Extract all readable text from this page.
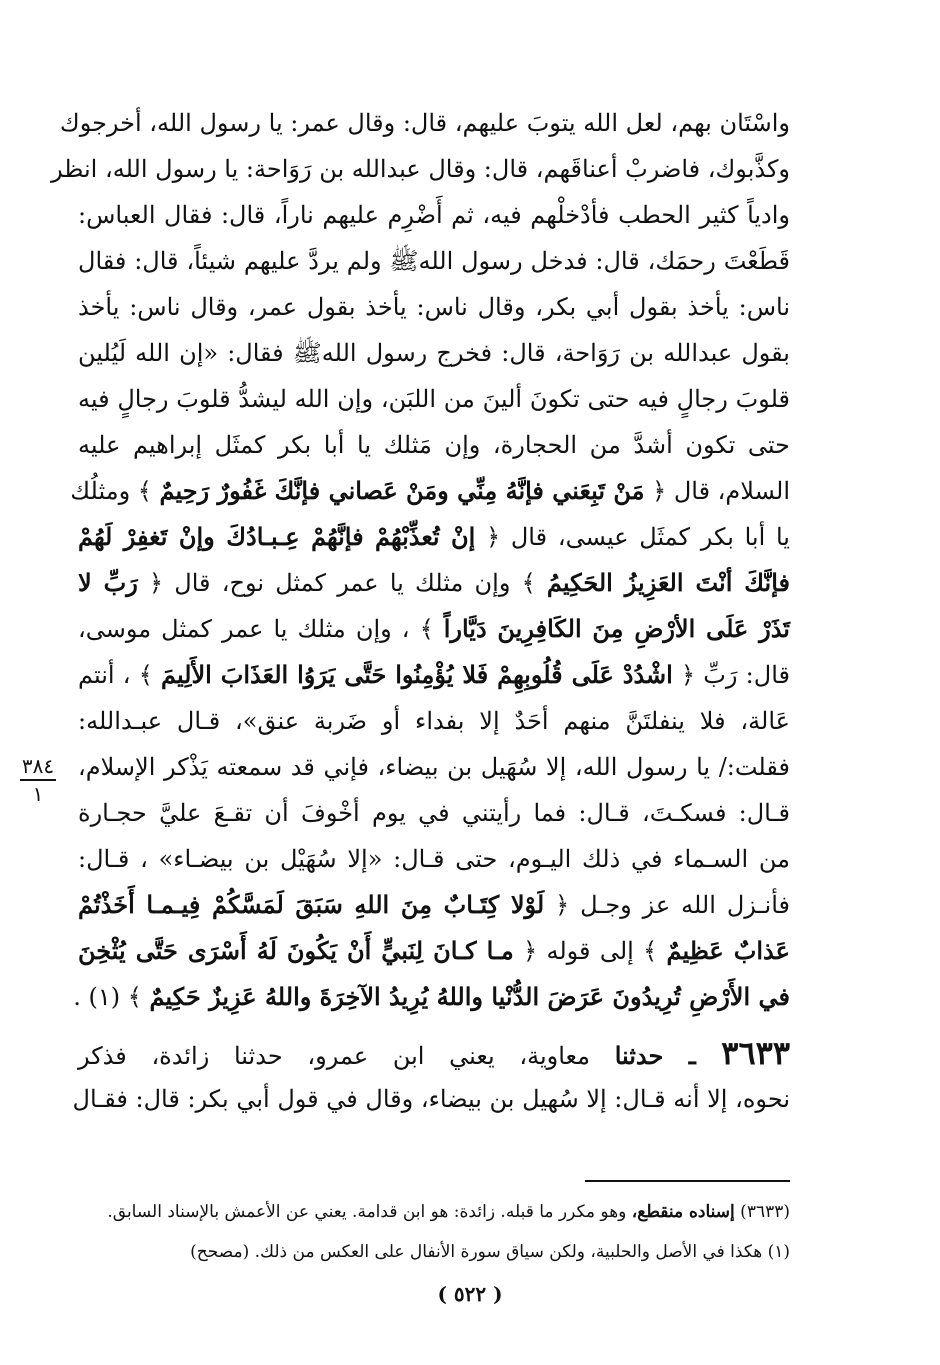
واسْتَان بهم، لعل الله يتوبَ عليهم، قال: وقال عمر: يا رسول الله، أخرجوك
وكذَّبوك، فاضربْ أعناقَهم، قال: وقال عبدالله بن رَوَاحة: يا رسول الله، انظر
وادياً كثير الحطب فأدْخلْهم فيه، ثم أَضْرِم عليهم ناراً، قال: فقال العباس:
قَطَعْتَ رحمَك، قال: فدخل رسول اللهﷺ ولم يردَّ عليهم شيئاً، قال: فقال
ناس: يأخذ بقول أبي بكر، وقال ناس: يأخذ بقول عمر، وقال ناس: يأخذ
بقول عبدالله بن رَوَاحة، قال: فخرج رسول اللهﷺ فقال: «إن الله لَيُلين
قلوبَ رجالٍ فيه حتى تكونَ ألينَ من اللبَن، وإن الله ليشدُّ قلوبَ رجالٍ فيه
حتى تكون أشدَّ من الحجارة، وإن مَثلك يا أبا بكر كمثَل إبراهيم عليه
السلام، قال ﴿ مَنْ تَبِعَني فإنَّهُ مِنِّي ومَنْ عَصاني فإنَّكَ غَفُورٌ رَحِيمٌ ﴾ ومثلُك
يا أبا بكر كمثَل عيسى، قال ﴿ إنْ تُعذِّبْهُمْ فإنَّهُمْ عِـبـادُكَ وإنْ تَغفِرْ لَهُمْ
فإنَّكَ أنْتَ العَزِيزُ الحَكِيمُ ﴾ وإن مثلك يا عمر كمثل نوح، قال ﴿ رَبِّ لا
تَذَرْ عَلَى الأرْضِ مِنَ الكَافِرِينَ دَيَّاراً ﴾ ، وإن مثلك يا عمر كمثل موسى،
قال: رَبِّ ﴿ اشْدُدْ عَلَى قُلُوبِهِمْ فَلا يُؤْمِنُوا حَتَّى يَرَوُا العَذَابَ الأَلِيمَ ﴾ ، أنتم
عَالة، فلا ينفلتَنَّ منهم أحَدٌ إلا بفداء أو ضَربة عنق»، قـال عبـدالله:
فقلت:/ يا رسول الله، إلا سُهَيل بن بيضاء، فإني قد سمعته يَذْكر الإسلام،
قـال: فسكـتَ، قـال: فما رأيتني في يوم أخْوفَ أن تقـعَ عليَّ حجـارة
من السـماء في ذلك اليـوم، حتى قـال: «إلا سُهَيْل بن بيضـاء» ، قـال:
فأنـزل الله عز وجـل ﴿ لَوْلا كِتَـابٌ مِنَ اللهِ سَبَقَ لَمَسَّكُمْ فِيـمـا أَخَذْتُمْ
عَذابٌ عَظِيمٌ ﴾ إلى قوله ﴿ مـا كـانَ لِنَبيٍّ أَنْ يَكُونَ لَهُ أَسْرَى حَتَّى يُثْخِنَ
في الأَرْضِ تُرِيدُونَ عَرَضَ الدُّنْيا واللهُ يُرِيدُ الآخِرَةَ واللهُ عَزِيزٌ حَكِيمٌ ﴾ (١) .
٣٦٣٣ ـ حدثنا معاوية، يعني ابن عمرو، حدثنا زائدة، فذكر
نحوه، إلا أنه قـال: إلا سُهيل بن بيضاء، وقال في قول أبي بكر: قال: فقـال
٣٨٤
١
(٣٦٣٣) إسناده منقطع، وهو مكرر ما قبله. زائدة: هو ابن قدامة. يعني عن الأعمش بالإسناد السابق.
(١) هكذا في الأصل والحلبية، ولكن سياق سورة الأنفال على العكس من ذلك. (مصحح)
( ٥٢٢ )
